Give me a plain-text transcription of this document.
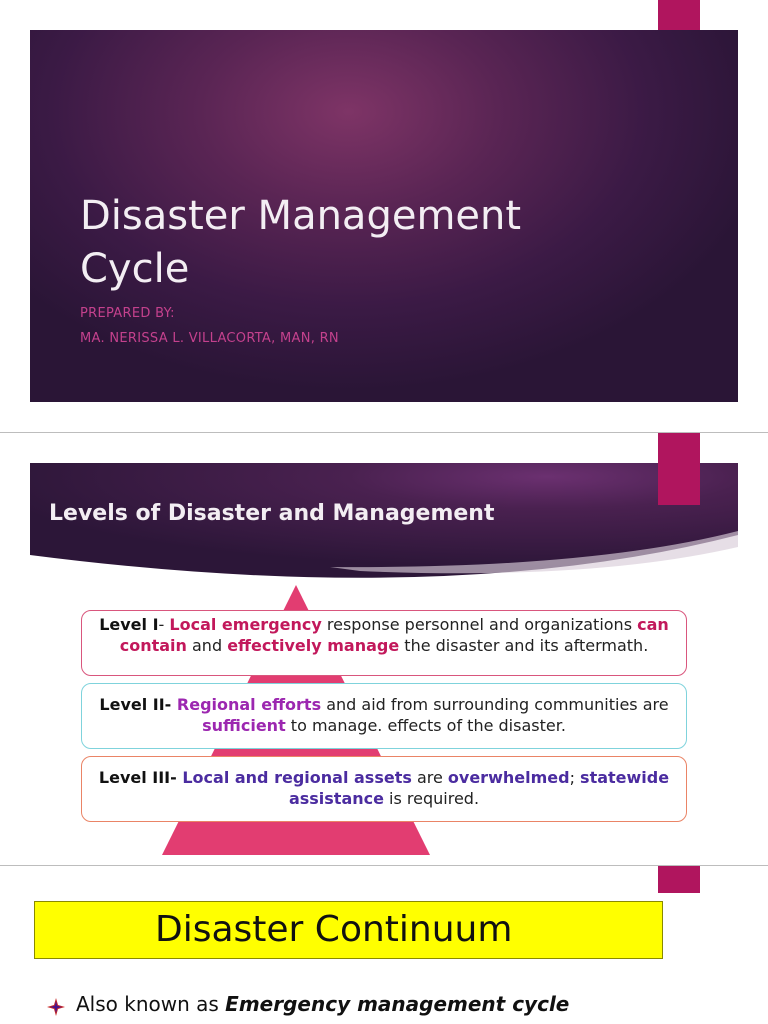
Disaster Management
Cycle
PREPARED BY:
MA. NERISSA L. VILLACORTA, MAN, RN
Levels of Disaster and Management
Level I- Local emergency response personnel and organizations can contain and effectively manage the disaster and its aftermath.
Level II- Regional efforts and aid from surrounding communities are sufficient to manage. effects of the disaster.
Level III- Local and regional assets are overwhelmed; statewide assistance is required.
Disaster Continuum
Also known as Emergency management cycle
